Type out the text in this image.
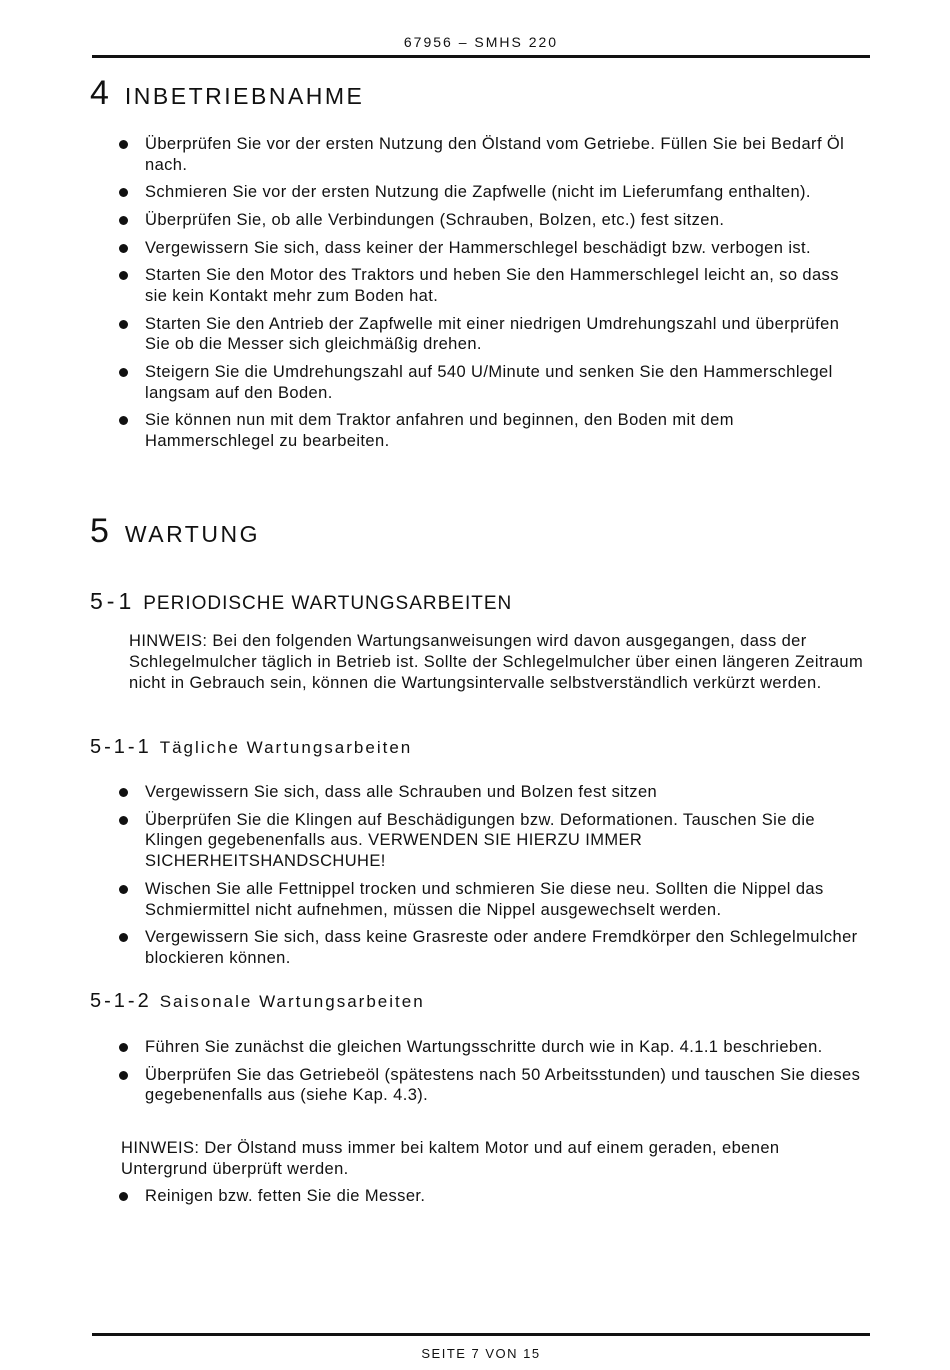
67956 – SMHS 220
4 INBETRIEBNAHME
Überprüfen Sie vor der ersten Nutzung den Ölstand vom Getriebe. Füllen Sie bei Bedarf Öl nach.
Schmieren Sie vor der ersten Nutzung die Zapfwelle (nicht im Lieferumfang enthalten).
Überprüfen Sie, ob alle Verbindungen (Schrauben, Bolzen, etc.) fest sitzen.
Vergewissern Sie sich, dass keiner der Hammerschlegel beschädigt bzw. verbogen ist.
Starten Sie den Motor des Traktors und heben Sie den Hammerschlegel leicht an, so dass sie kein Kontakt mehr zum Boden hat.
Starten Sie den Antrieb der Zapfwelle mit einer niedrigen Umdrehungszahl und überprüfen Sie ob die Messer sich gleichmäßig drehen.
Steigern Sie die Umdrehungszahl auf 540 U/Minute und senken Sie den Hammerschlegel langsam auf den Boden.
Sie können nun mit dem Traktor anfahren und beginnen, den Boden mit dem Hammerschlegel zu bearbeiten.
5 WARTUNG
5-1 PERIODISCHE WARTUNGSARBEITEN

HINWEIS: Bei den folgenden Wartungsanweisungen wird davon ausgegangen, dass der Schlegelmulcher täglich in Betrieb ist. Sollte der Schlegelmulcher über einen längeren Zeitraum nicht in Gebrauch sein, können die Wartungsintervalle selbstverständlich verkürzt werden.

5-1-1 Tägliche Wartungsarbeiten
Vergewissern Sie sich, dass alle Schrauben und Bolzen fest sitzen
Überprüfen Sie die Klingen auf Beschädigungen bzw. Deformationen. Tauschen Sie die Klingen gegebenenfalls aus. VERWENDEN SIE HIERZU IMMER SICHERHEITSHANDSCHUHE!
Wischen Sie alle Fettnippel trocken und schmieren Sie diese neu. Sollten die Nippel das Schmiermittel nicht aufnehmen, müssen die Nippel ausgewechselt werden.
Vergewissern Sie sich, dass keine Grasreste oder andere Fremdkörper den Schlegelmulcher blockieren können.
5-1-2 Saisonale Wartungsarbeiten
Führen Sie zunächst die gleichen Wartungsschritte durch wie in Kap. 4.1.1 beschrieben.
Überprüfen Sie das Getriebeöl (spätestens nach 50 Arbeitsstunden) und tauschen Sie dieses gegebenenfalls aus (siehe Kap. 4.3).

HINWEIS: Der Ölstand muss immer bei kaltem Motor und auf einem geraden, ebenen Untergrund überprüft werden.

Reinigen bzw. fetten Sie die Messer.
SEITE 7 VON 15
